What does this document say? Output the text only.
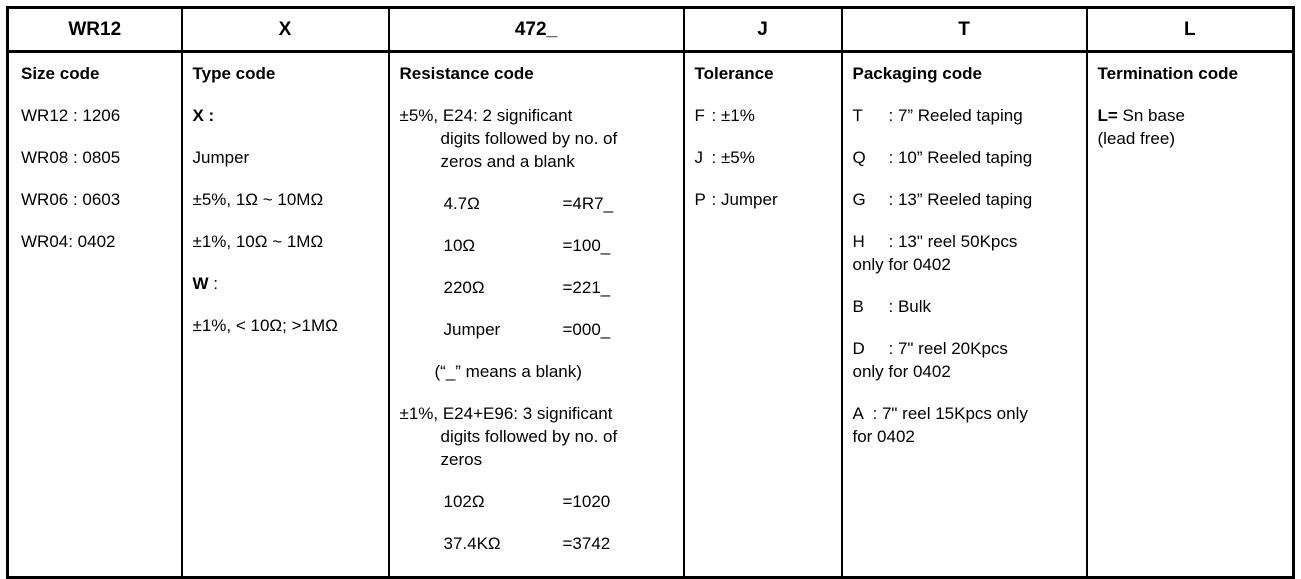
WR12	X	472_	J	T	L

Size code
WR12 : 1206
WR08 : 0805
WR06 : 0603
WR04: 0402

Type code
X :
Jumper
±5%, 1Ω ~ 10MΩ
±1%, 10Ω ~ 1MΩ
W :
±1%, < 10Ω; >1MΩ

Resistance code
±5%, E24: 2 significant
digits followed by no. of
zeros and a blank
4.7Ω	=4R7_
10Ω	=100_
220Ω	=221_
Jumper	=000_
(“_” means a blank)
±1%, E24+E96: 3 significant
digits followed by no. of
zeros
102Ω	=1020
37.4KΩ	=3742

Tolerance
F : ±1%
J : ±5%
P : Jumper

Packaging code
T : 7” Reeled taping
Q : 10” Reeled taping
G : 13” Reeled taping
H : 13" reel 50Kpcs
only for 0402
B : Bulk
D : 7" reel 20Kpcs
only for 0402
A : 7" reel 15Kpcs only
for 0402

Termination code
L= Sn base
(lead free)
